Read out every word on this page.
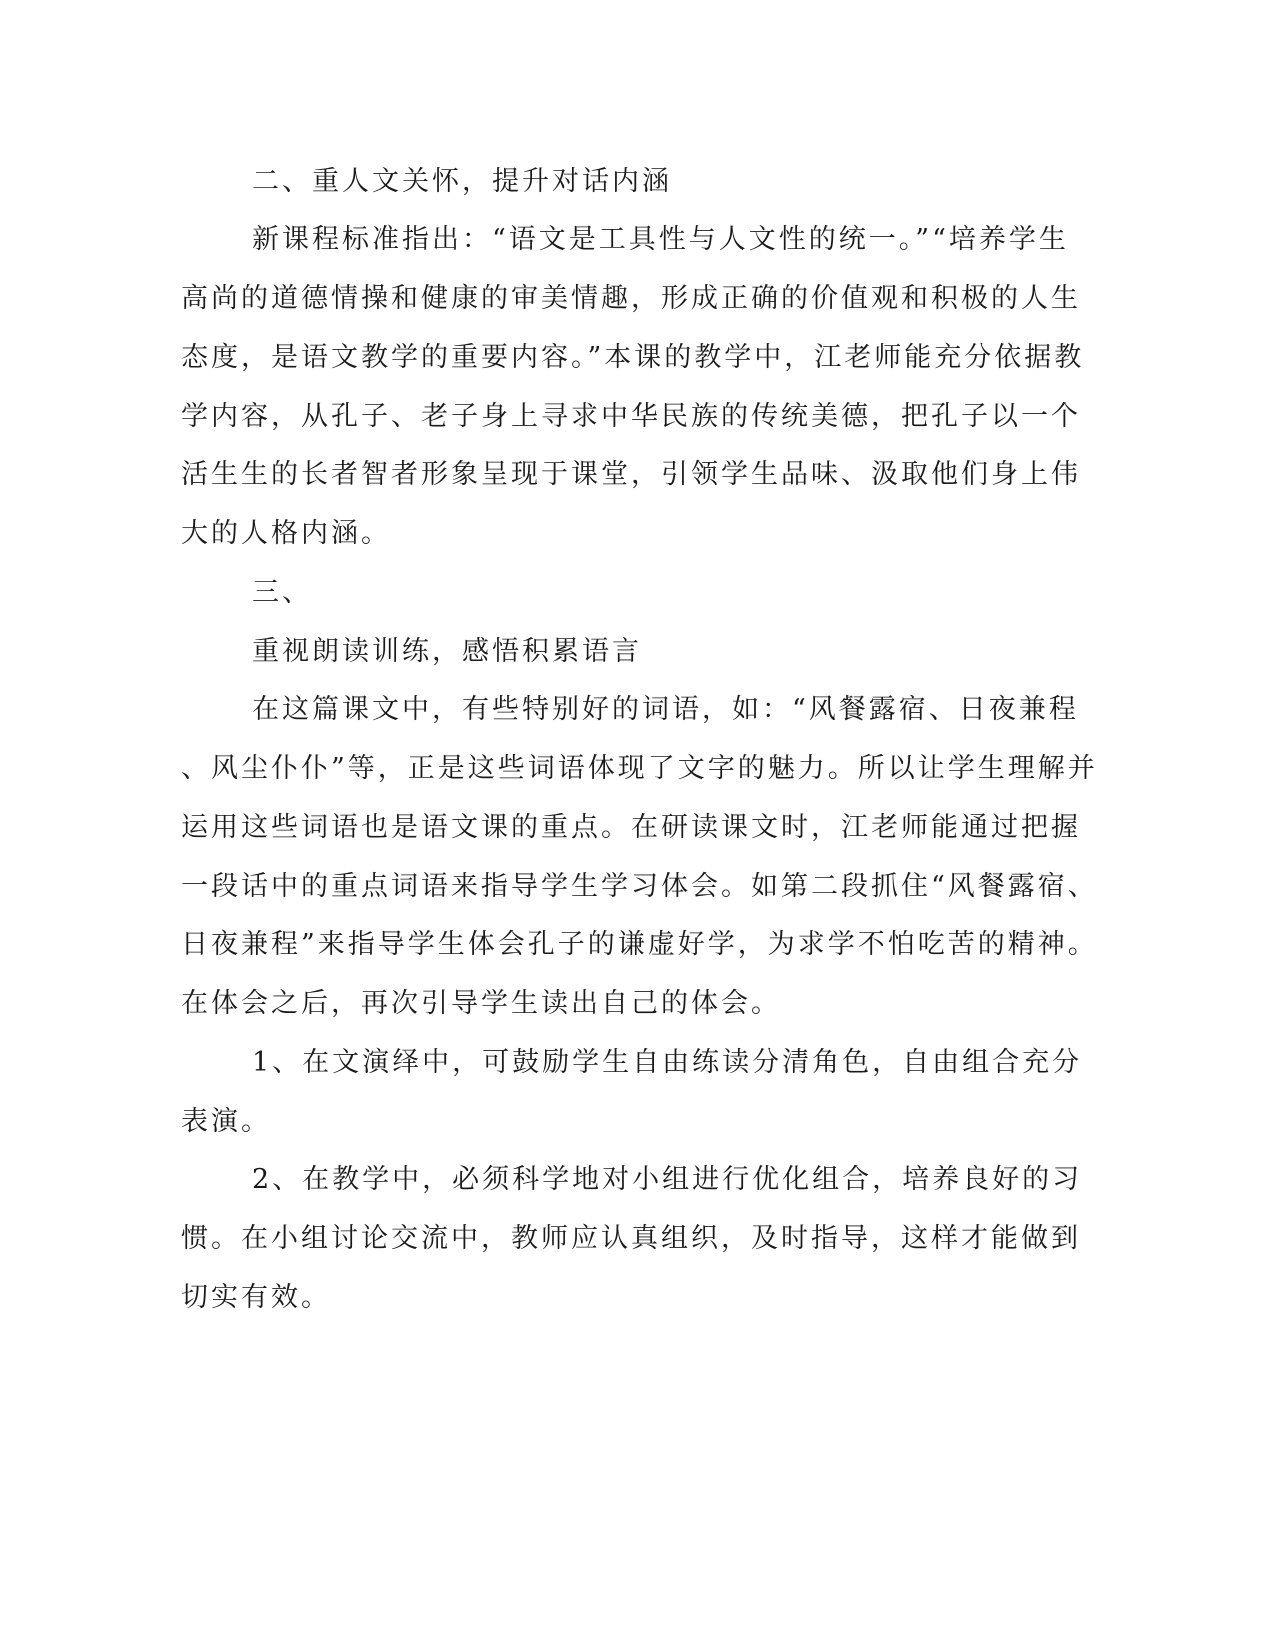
二、重人文关怀，提升对话内涵
新课程标准指出：“语文是工具性与人文性的统一。”“培养学生
高尚的道德情操和健康的审美情趣，形成正确的价值观和积极的人生
态度，是语文教学的重要内容。”本课的教学中，江老师能充分依据教
学内容，从孔子、老子身上寻求中华民族的传统美德，把孔子以一个
活生生的长者智者形象呈现于课堂，引领学生品味、汲取他们身上伟
大的人格内涵。
三、
重视朗读训练，感悟积累语言
在这篇课文中，有些特别好的词语，如：“风餐露宿、日夜兼程
、风尘仆仆”等，正是这些词语体现了文字的魅力。所以让学生理解并
运用这些词语也是语文课的重点。在研读课文时，江老师能通过把握
一段话中的重点词语来指导学生学习体会。如第二段抓住“风餐露宿、
日夜兼程”来指导学生体会孔子的谦虚好学，为求学不怕吃苦的精神。
在体会之后，再次引导学生读出自己的体会。
1、在文演绎中，可鼓励学生自由练读分清角色，自由组合充分
表演。
2、在教学中，必须科学地对小组进行优化组合，培养良好的习
惯。在小组讨论交流中，教师应认真组织，及时指导，这样才能做到
切实有效。
